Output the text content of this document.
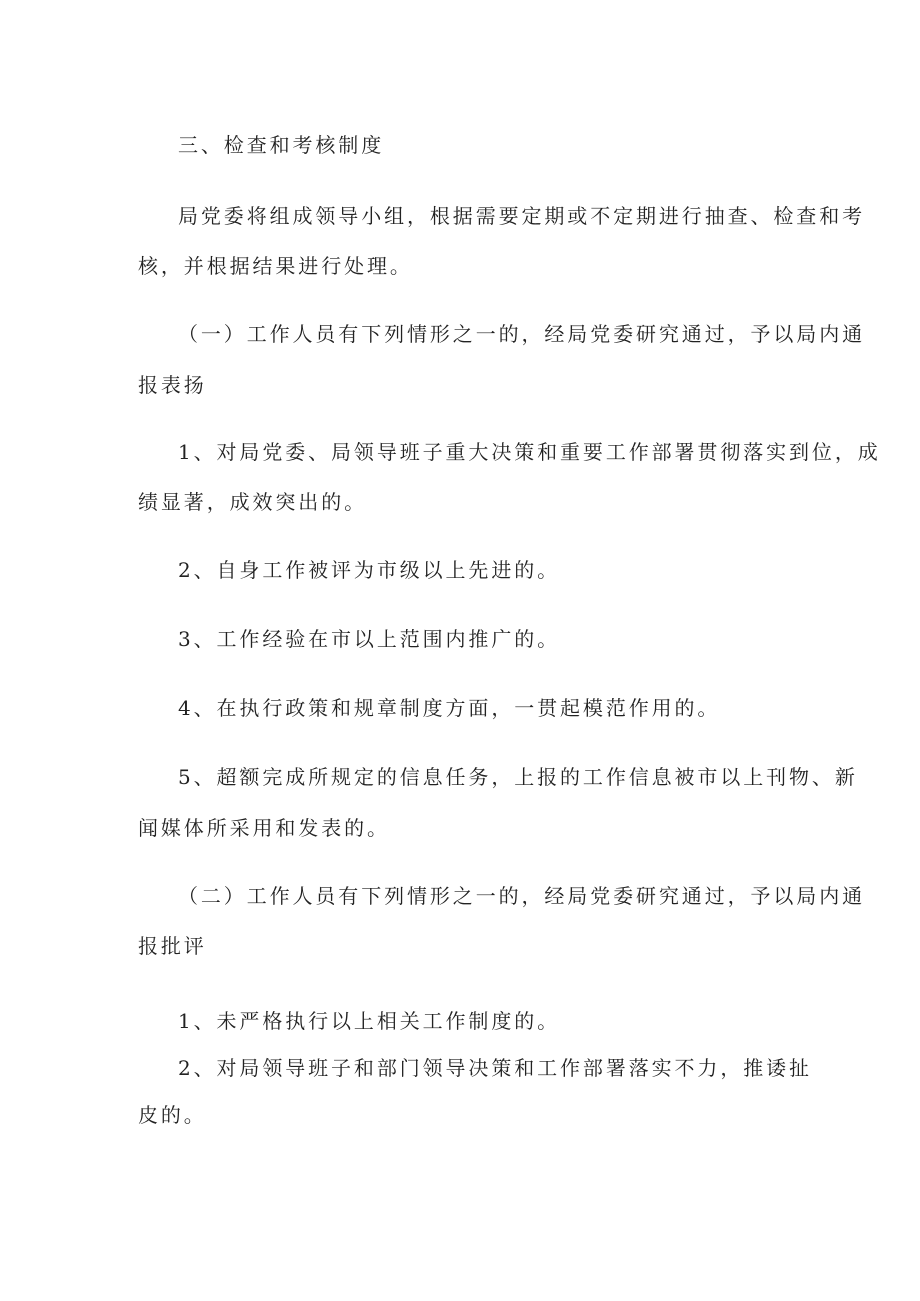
三、检查和考核制度

局党委将组成领导小组，根据需要定期或不定期进行抽查、检查和考

核，并根据结果进行处理。

（一）工作人员有下列情形之一的，经局党委研究通过，予以局内通

报表扬

1、对局党委、局领导班子重大决策和重要工作部署贯彻落实到位，成

绩显著，成效突出的。

2、自身工作被评为市级以上先进的。

3、工作经验在市以上范围内推广的。

4、在执行政策和规章制度方面，一贯起模范作用的。

5、超额完成所规定的信息任务，上报的工作信息被市以上刊物、新

闻媒体所采用和发表的。

（二）工作人员有下列情形之一的，经局党委研究通过，予以局内通

报批评

1、未严格执行以上相关工作制度的。

2、对局领导班子和部门领导决策和工作部署落实不力，推诿扯

皮的。
